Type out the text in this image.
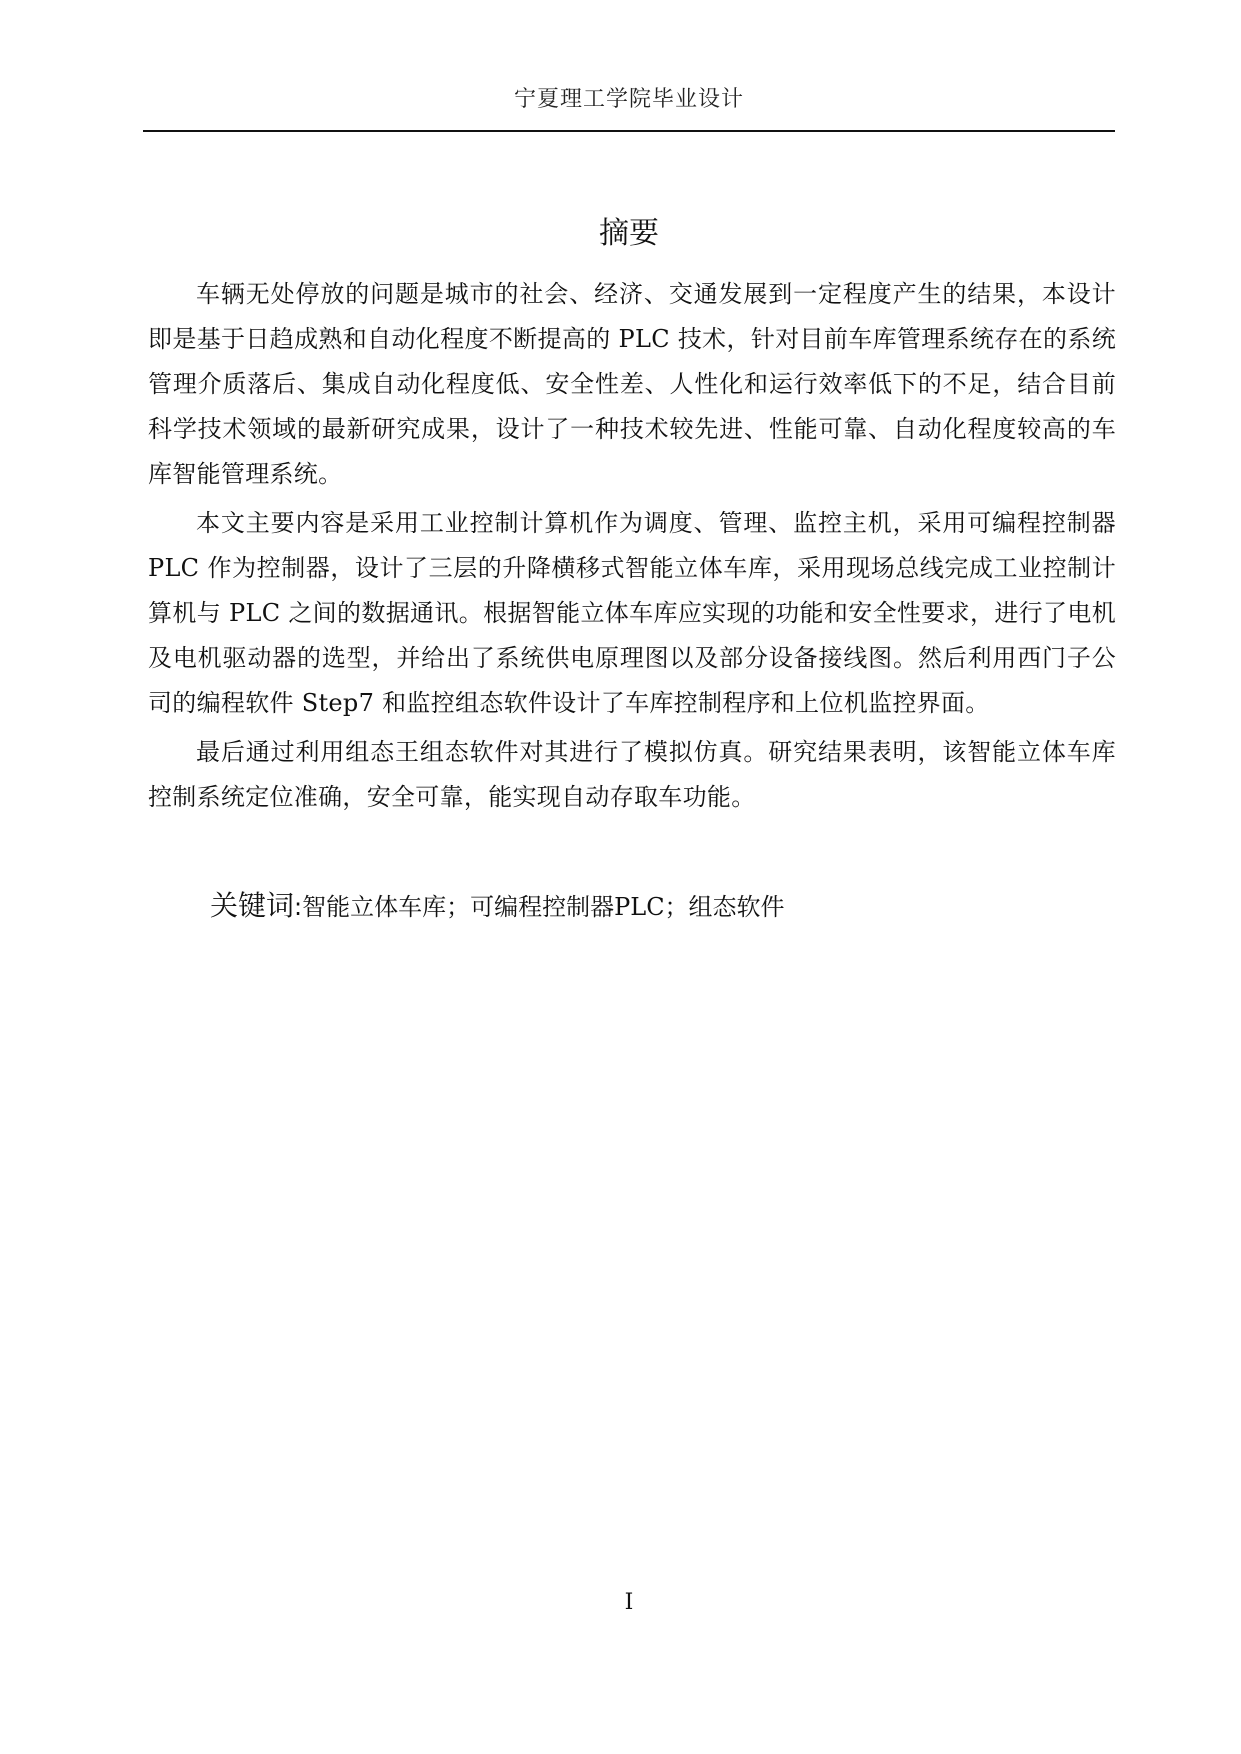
宁夏理工学院毕业设计
摘要

车辆无处停放的问题是城市的社会、经济、交通发展到一定程度产生的结果，本设计即是基于日趋成熟和自动化程度不断提高的 PLC 技术，针对目前车库管理系统存在的系统管理介质落后、集成自动化程度低、安全性差、人性化和运行效率低下的不足，结合目前科学技术领域的最新研究成果，设计了一种技术较先进、性能可靠、自动化程度较高的车库智能管理系统。

本文主要内容是采用工业控制计算机作为调度、管理、监控主机，采用可编程控制器 PLC 作为控制器，设计了三层的升降横移式智能立体车库，采用现场总线完成工业控制计算机与 PLC 之间的数据通讯。根据智能立体车库应实现的功能和安全性要求，进行了电机及电机驱动器的选型，并给出了系统供电原理图以及部分设备接线图。然后利用西门子公司的编程软件 Step7 和监控组态软件设计了车库控制程序和上位机监控界面。

最后通过利用组态王组态软件对其进行了模拟仿真。研究结果表明，该智能立体车库控制系统定位准确，安全可靠，能实现自动存取车功能。

关键词:智能立体车库；可编程控制器PLC；组态软件
I
